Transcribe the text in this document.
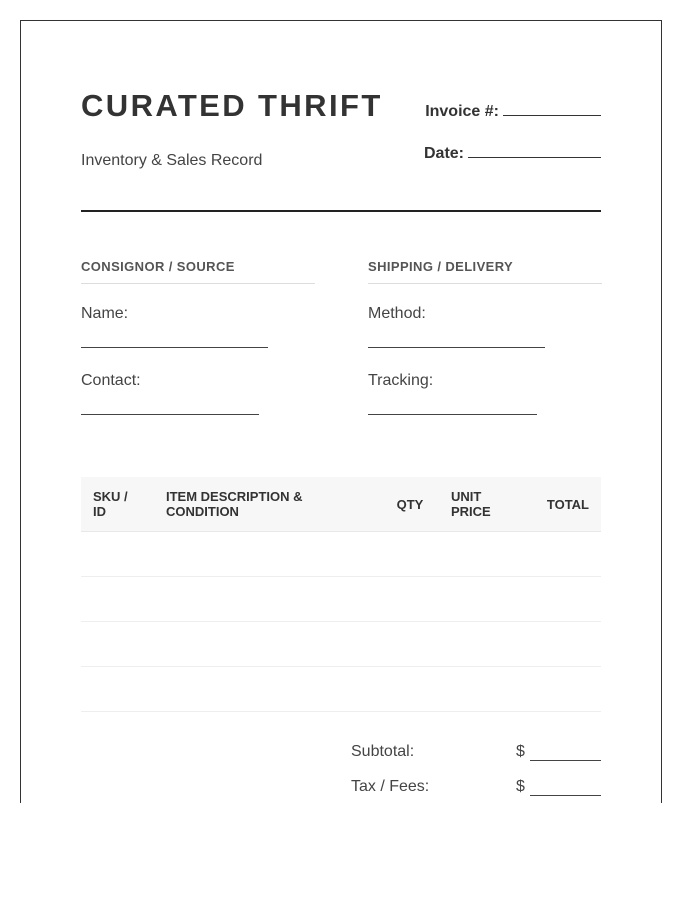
CURATED THRIFT
Inventory & Sales Record
Invoice #:
Date:
CONSIGNOR / SOURCE	SHIPPING / DELIVERY
Name:
Contact:
Method:
Tracking:
SKU / ID	ITEM DESCRIPTION & CONDITION	QTY	UNIT PRICE	TOTAL

Subtotal:	$
Tax / Fees:	$
